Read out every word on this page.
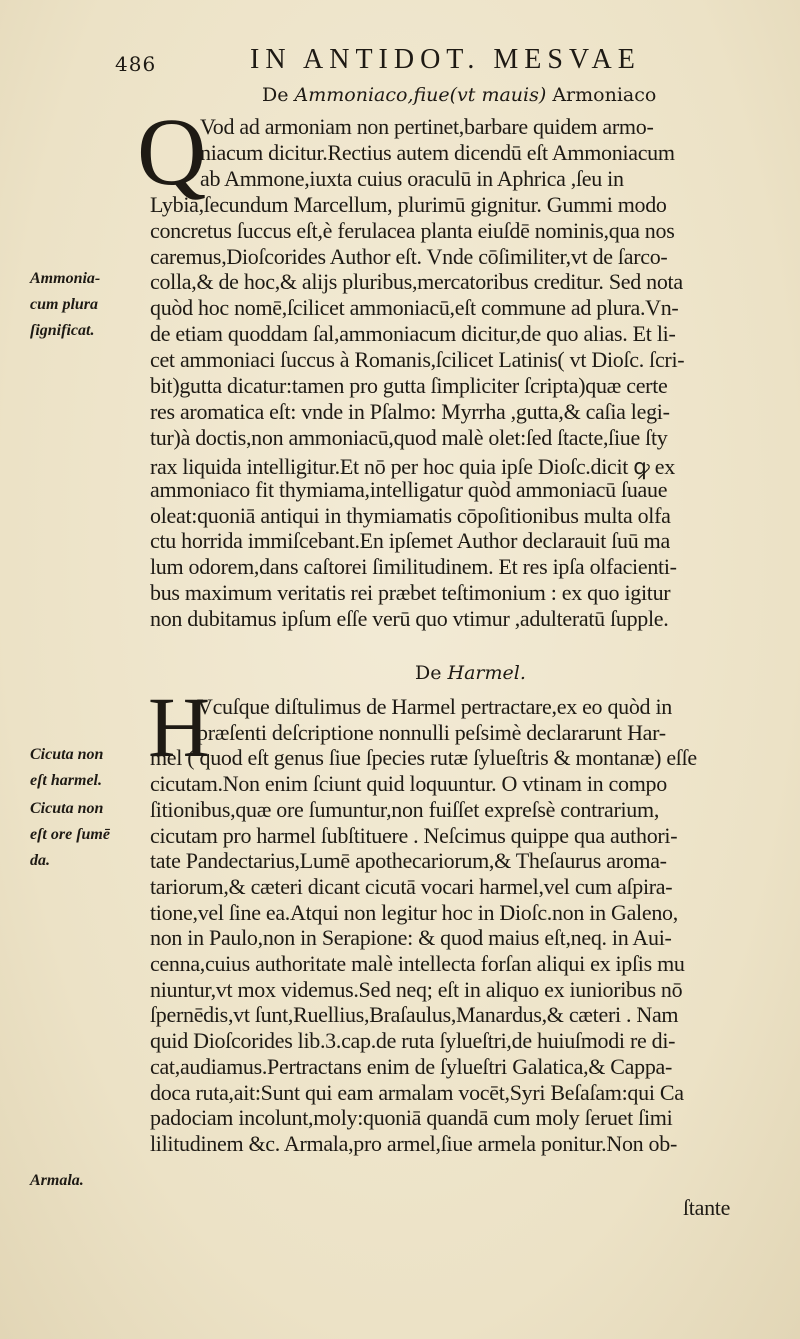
486	IN ANTIDOT. MESVAE
De Ammoniaco,fiue(vt mauis) Armoniaco
Q
Vod ad armoniam non pertinet,barbare quidem armo-
niacum dicitur.Rectius autem dicendū eſt Ammoniacum
ab Ammone,iuxta cuius oraculū in Aphrica ,ſeu in
Lybia,ſecundum Marcellum, plurimū gignitur. Gummi modo
concretus ſuccus eſt,è ferulacea planta eiuſdē nominis,qua nos
caremus,Dioſcorides Author eſt. Vnde cōſimiliter,vt de ſarco-
colla,& de hoc,& alijs pluribus,mercatoribus creditur. Sed nota
quòd hoc nomē,ſcilicet ammoniacū,eſt commune ad plura.Vn-
de etiam quoddam ſal,ammoniacum dicitur,de quo alias. Et li-
cet ammoniaci ſuccus à Romanis,ſcilicet Latinis( vt Dioſc. ſcri-
bit)gutta dicatur:tamen pro gutta ſimpliciter ſcripta)quæ certe
res aromatica eſt: vnde in Pſalmo: Myrrha ,gutta,& caſia legi-
tur)à doctis,non ammoniacū,quod malè olet:ſed ſtacte,ſiue ſty
rax liquida intelligitur.Et nō per hoc quia ipſe Dioſc.dicit ꝙ ex
ammoniaco fit thymiama,intelligatur quòd ammoniacū ſuaue
oleat:quoniā antiqui in thymiamatis cōpoſitionibus multa olfa
ctu horrida immiſcebant.En ipſemet Author declarauit ſuū ma
lum odorem,dans caſtorei ſimilitudinem. Et res ipſa olfacienti-
bus maximum veritatis rei præbet teſtimonium : ex quo igitur
non dubitamus ipſum eſſe verū quo vtimur ,adulteratū ſupple.
Ammonia-
cum plura
ſignificat.
De Harmel.
H
Vcuſque diſtulimus de Harmel pertractare,ex eo quòd in
præſenti deſcriptione nonnulli peſsimè declararunt Har-
mel ( quod eſt genus ſiue ſpecies rutæ ſylueſtris & montanæ) eſſe
cicutam.Non enim ſciunt quid loquuntur. O vtinam in compo
ſitionibus,quæ ore ſumuntur,non fuiſſet expreſsè contrarium,
cicutam pro harmel ſubſtituere . Neſcimus quippe qua authori-
tate Pandectarius,Lumē apothecariorum,& Theſaurus aroma-
tariorum,& cæteri dicant cicutā vocari harmel,vel cum aſpira-
tione,vel ſine ea.Atqui non legitur hoc in Dioſc.non in Galeno,
non in Paulo,non in Serapione: & quod maius eſt,neq. in Aui-
cenna,cuius authoritate malè intellecta forſan aliqui ex ipſis mu
niuntur,vt mox videmus.Sed neq; eſt in aliquo ex iunioribus nō
ſpernēdis,vt ſunt,Ruellius,Braſaulus,Manardus,& cæteri . Nam
quid Dioſcorides lib.3.cap.de ruta ſylueſtri,de huiuſmodi re di-
cat,audiamus.Pertractans enim de ſylueſtri Galatica,& Cappa-
doca ruta,ait:Sunt qui eam armalam vocēt,Syri Beſaſam:qui Ca
padociam incolunt,moly:quoniā quandā cum moly ſeruet ſimi
lilitudinem &c. Armala,pro armel,ſiue armela ponitur.Non ob-
Cicuta non
eſt harmel.
Cicuta non
eſt ore ſumē
da.
Armala.
ſtante
